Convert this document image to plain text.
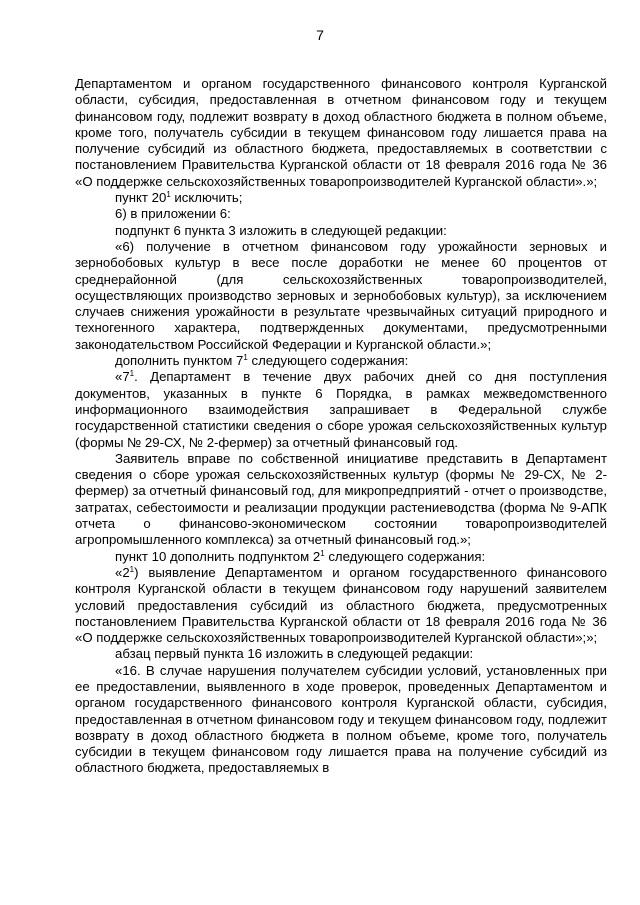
7

Департаментом и органом государственного финансового контроля Курганской области, субсидия, предоставленная в отчетном финансовом году и текущем финансовом году, подлежит возврату в доход областного бюджета в полном объеме, кроме того, получатель субсидии в текущем финансовом году лишается права на получение субсидий из областного бюджета, предоставляемых в соответствии с постановлением Правительства Курганской области от 18 февраля 2016 года № 36 «О поддержке сельскохозяйственных товаропроизводителей Курганской области».»;

пункт $20^1$ исключить;

6) в приложении 6:

подпункт 6 пункта 3 изложить в следующей редакции:

«6) получение в отчетном финансовом году урожайности зерновых и зернобобовых культур в весе после доработки не менее 60 процентов от среднерайонной (для сельскохозяйственных товаропроизводителей, осуществляющих производство зерновых и зернобобовых культур), за исключением случаев снижения урожайности в результате чрезвычайных ситуаций природного и техногенного характера, подтвержденных документами, предусмотренными законодательством Российской Федерации и Курганской области.»;

дополнить пунктом $7^1$ следующего содержания:

«$7^1$. Департамент в течение двух рабочих дней со дня поступления документов, указанных в пункте 6 Порядка, в рамках межведомственного информационного взаимодействия запрашивает в Федеральной службе государственной статистики сведения о сборе урожая сельскохозяйственных культур (формы № 29-СХ, № 2-фермер) за отчетный финансовый год.

Заявитель вправе по собственной инициативе представить в Департамент сведения о сборе урожая сельскохозяйственных культур (формы № 29-СХ, № 2-фермер) за отчетный финансовый год, для микропредприятий - отчет о производстве, затратах, себестоимости и реализации продукции растениеводства (форма № 9-АПК отчета о финансово-экономическом состоянии товаропроизводителей агропромышленного комплекса) за отчетный финансовый год.»;

пункт 10 дополнить подпунктом $2^1$ следующего содержания:

«$2^1$) выявление Департаментом и органом государственного финансового контроля Курганской области в текущем финансовом году нарушений заявителем условий предоставления субсидий из областного бюджета, предусмотренных постановлением Правительства Курганской области от 18 февраля 2016 года № 36 «О поддержке сельскохозяйственных товаропроизводителей Курганской области»;»;

абзац первый пункта 16 изложить в следующей редакции:

«16. В случае нарушения получателем субсидии условий, установленных при ее предоставлении, выявленного в ходе проверок, проведенных Департаментом и органом государственного финансового контроля Курганской области, субсидия, предоставленная в отчетном финансовом году и текущем финансовом году, подлежит возврату в доход областного бюджета в полном объеме, кроме того, получатель субсидии в текущем финансовом году лишается права на получение субсидий из областного бюджета, предоставляемых в
